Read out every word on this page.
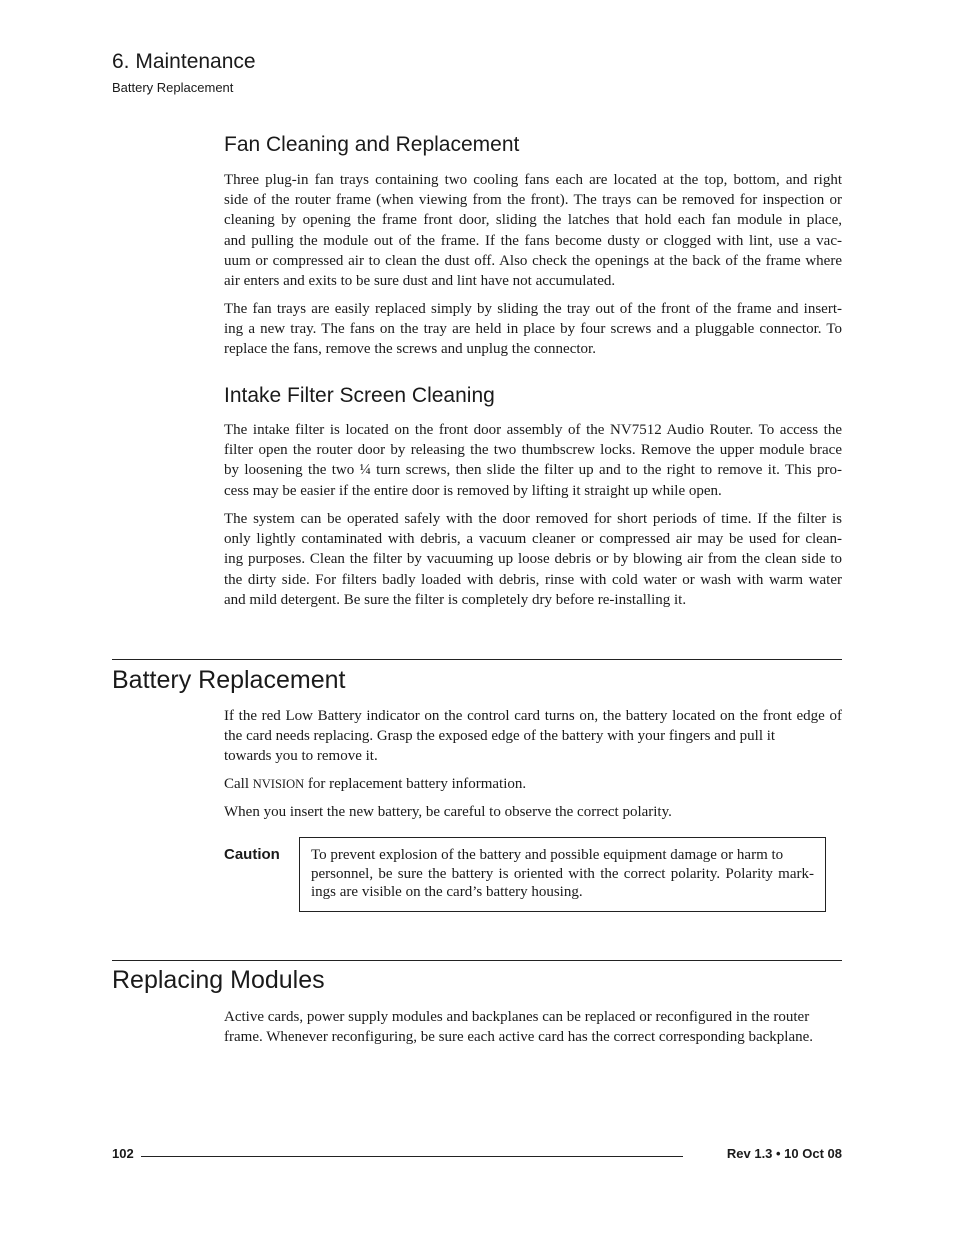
6. Maintenance
Battery Replacement
Fan Cleaning and Replacement
Three plug-in fan trays containing two cooling fans each are located at the top, bottom, and right
side of the router frame (when viewing from the front). The trays can be removed for inspection or
cleaning by opening the frame front door, sliding the latches that hold each fan module in place,
and pulling the module out of the frame. If the fans become dusty or clogged with lint, use a vac-
uum or compressed air to clean the dust off. Also check the openings at the back of the frame where
air enters and exits to be sure dust and lint have not accumulated.
The fan trays are easily replaced simply by sliding the tray out of the front of the frame and insert-
ing a new tray. The fans on the tray are held in place by four screws and a pluggable connector. To
replace the fans, remove the screws and unplug the connector.
Intake Filter Screen Cleaning
The intake filter is located on the front door assembly of the NV7512 Audio Router. To access the
filter open the router door by releasing the two thumbscrew locks. Remove the upper module brace
by loosening the two ¼ turn screws, then slide the filter up and to the right to remove it. This pro-
cess may be easier if the entire door is removed by lifting it straight up while open.
The system can be operated safely with the door removed for short periods of time. If the filter is
only lightly contaminated with debris, a vacuum cleaner or compressed air may be used for clean-
ing purposes. Clean the filter by vacuuming up loose debris or by blowing air from the clean side to
the dirty side. For filters badly loaded with debris, rinse with cold water or wash with warm water
and mild detergent. Be sure the filter is completely dry before re-installing it.
Battery Replacement
If the red Low Battery indicator on the control card turns on, the battery located on the front edge of
the card needs replacing. Grasp the exposed edge of the battery with your fingers and pull it
towards you to remove it.
Call NVISION for replacement battery information.
When you insert the new battery, be careful to observe the correct polarity.
Caution To prevent explosion of the battery and possible equipment damage or harm to
personnel, be sure the battery is oriented with the correct polarity. Polarity mark-
ings are visible on the card’s battery housing.
Replacing Modules
Active cards, power supply modules and backplanes can be replaced or reconfigured in the router
frame. Whenever reconfiguring, be sure each active card has the correct corresponding backplane.
102	Rev 1.3 • 10 Oct 08
